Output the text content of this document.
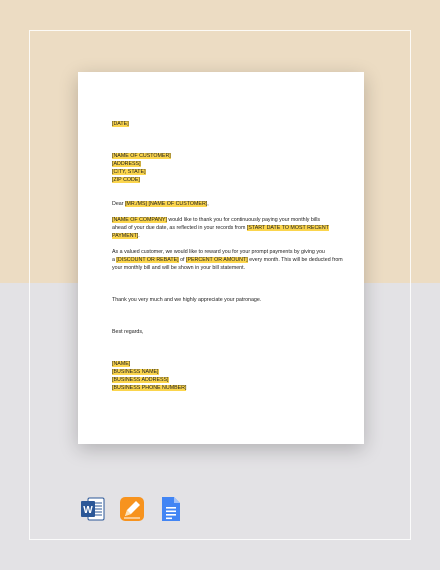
[DATE]
[NAME OF CUSTOMER]
[ADDRESS]
[CITY, STATE]
[ZIP CODE]
Dear [MR./MS] [NAME OF CUSTOMER],
[NAME OF COMPANY] would like to thank you for continuously paying your monthly bills
ahead of your due date, as reflected in your records from [START DATE TO MOST RECENT
PAYMENT].
As a valued customer, we would like to reward you for your prompt payments by giving you
a [DISCOUNT OR REBATE] of [PERCENT OR AMOUNT] every month. This will be deducted from
your monthly bill and will be shown in your bill statement.
Thank you very much and we highly appreciate your patronage.
Best regards,
[NAME]
[BUSINESS NAME]
[BUSINESS ADDRESS]
[BUSINESS PHONE NUMBER]
W
